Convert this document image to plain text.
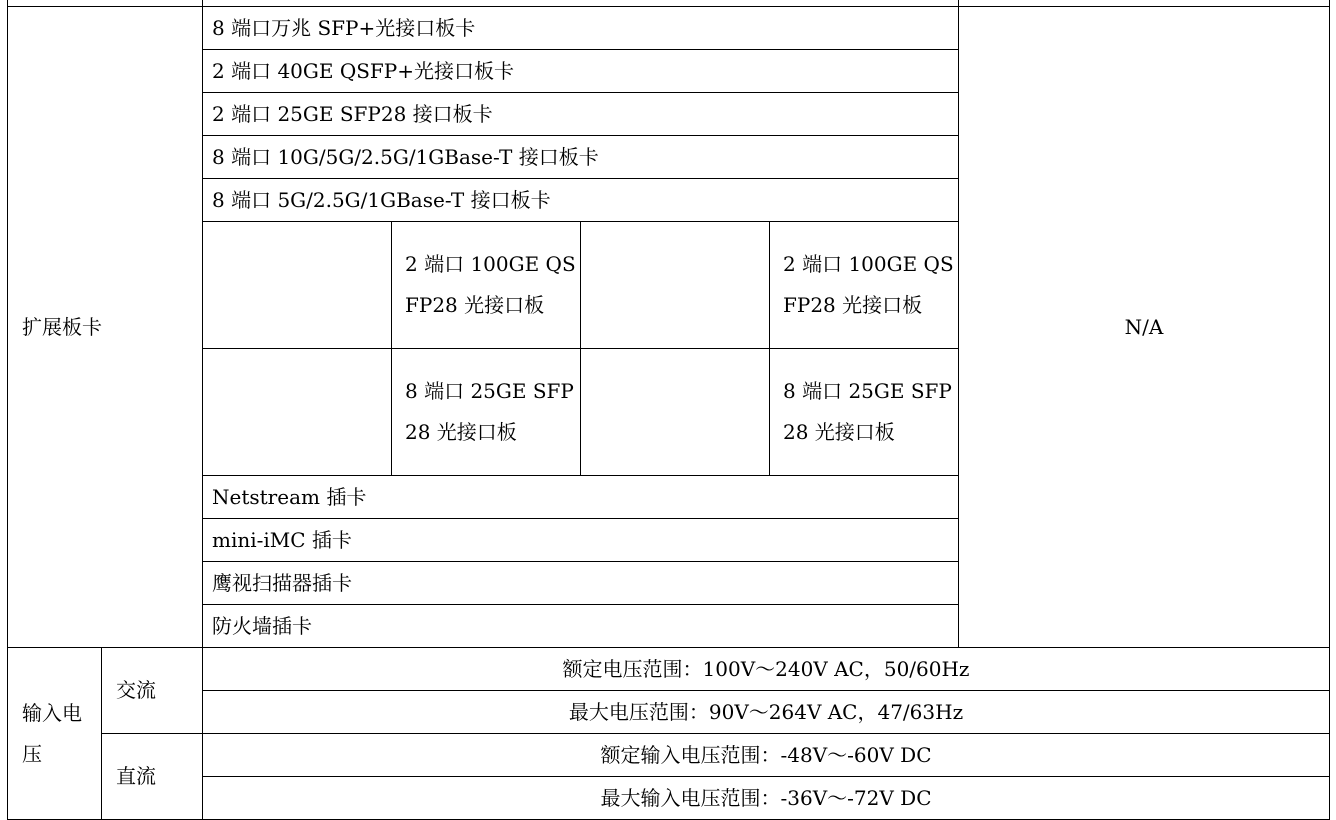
扩展板卡		8 端口万兆 SFP+光接口板卡				N/A
		2 端口 40GE QSFP+光接口板卡				
		2 端口 25GE SFP28 接口板卡				
		8 端口 10G/5G/2.5G/1GBase-T 接口板卡				
		8 端口 5G/2.5G/1GBase-T 接口板卡				
			2 端口 100GE QSFP28 光接口板		2 端口 100GE QSFP28 光接口板	
			8 端口 25GE SFP28 光接口板		8 端口 25GE SFP28 光接口板	
		Netstream 插卡				
		mini-iMC 插卡				
		鹰视扫描器插卡				
		防火墙插卡				
输入电压	交流	额定电压范围：100V～240V AC，50/60Hz				
		最大电压范围：90V～264V AC，47/63Hz				
	直流	额定输入电压范围：-48V～-60V DC				
		最大输入电压范围：-36V～-72V DC				
